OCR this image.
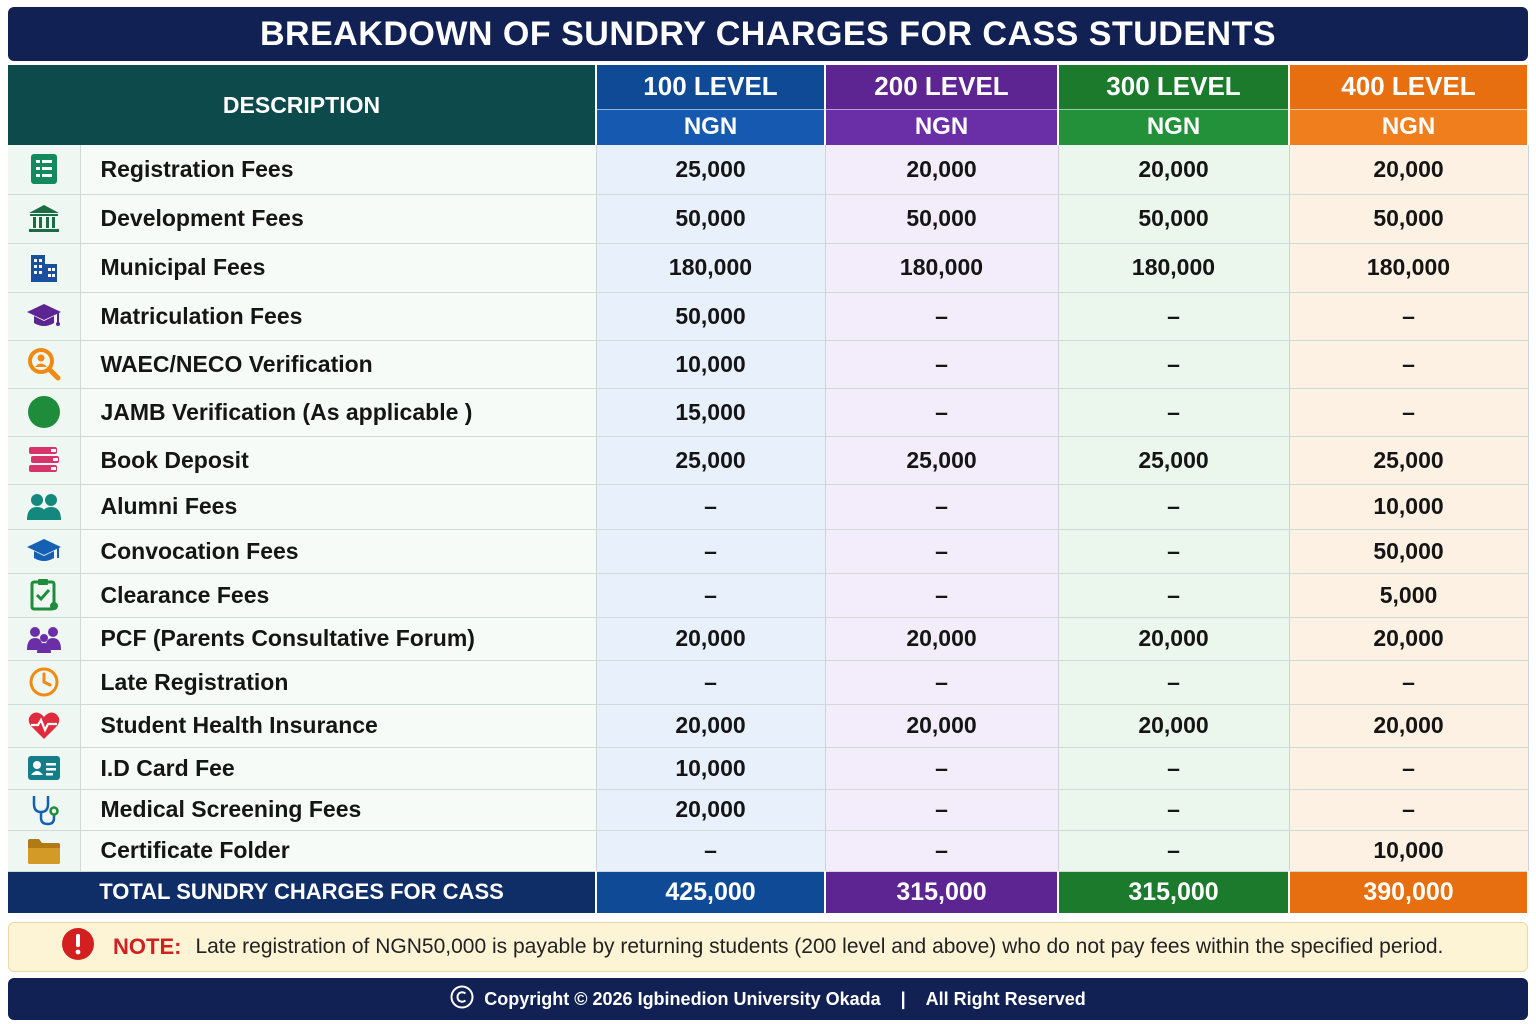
BREAKDOWN OF SUNDRY CHARGES FOR CASS STUDENTS
DESCRIPTION		100 LEVEL	200 LEVEL	300 LEVEL	400 LEVEL
		NGN	NGN	NGN	NGN

	Registration Fees	25,000	20,000	20,000	20,000

	Development Fees	50,000	50,000	50,000	50,000

	Municipal Fees	180,000	180,000	180,000	180,000

	Matriculation Fees	50,000	–	–	–

	WAEC/NECO Verification	10,000	–	–	–

	JAMB Verification (As applicable )	15,000	–	–	–

	Book Deposit	25,000	25,000	25,000	25,000

	Alumni Fees	–	–	–	10,000

	Convocation Fees	–	–	–	50,000

	Clearance Fees	–	–	–	5,000

	PCF (Parents Consultative Forum)	20,000	20,000	20,000	20,000

	Late Registration	–	–	–	–

	Student Health Insurance	20,000	20,000	20,000	20,000

	I.D Card Fee	10,000	–	–	–

	Medical Screening Fees	20,000	–	–	–

	Certificate Folder	–	–	–	10,000
TOTAL SUNDRY CHARGES FOR CASS		425,000	315,000	315,000	390,000
NOTE: Late registration of NGN50,000 is payable by returning students (200 level and above) who do not pay fees within the specified period.
Copyright © 2026 Igbinedion University Okada | All Right Reserved
